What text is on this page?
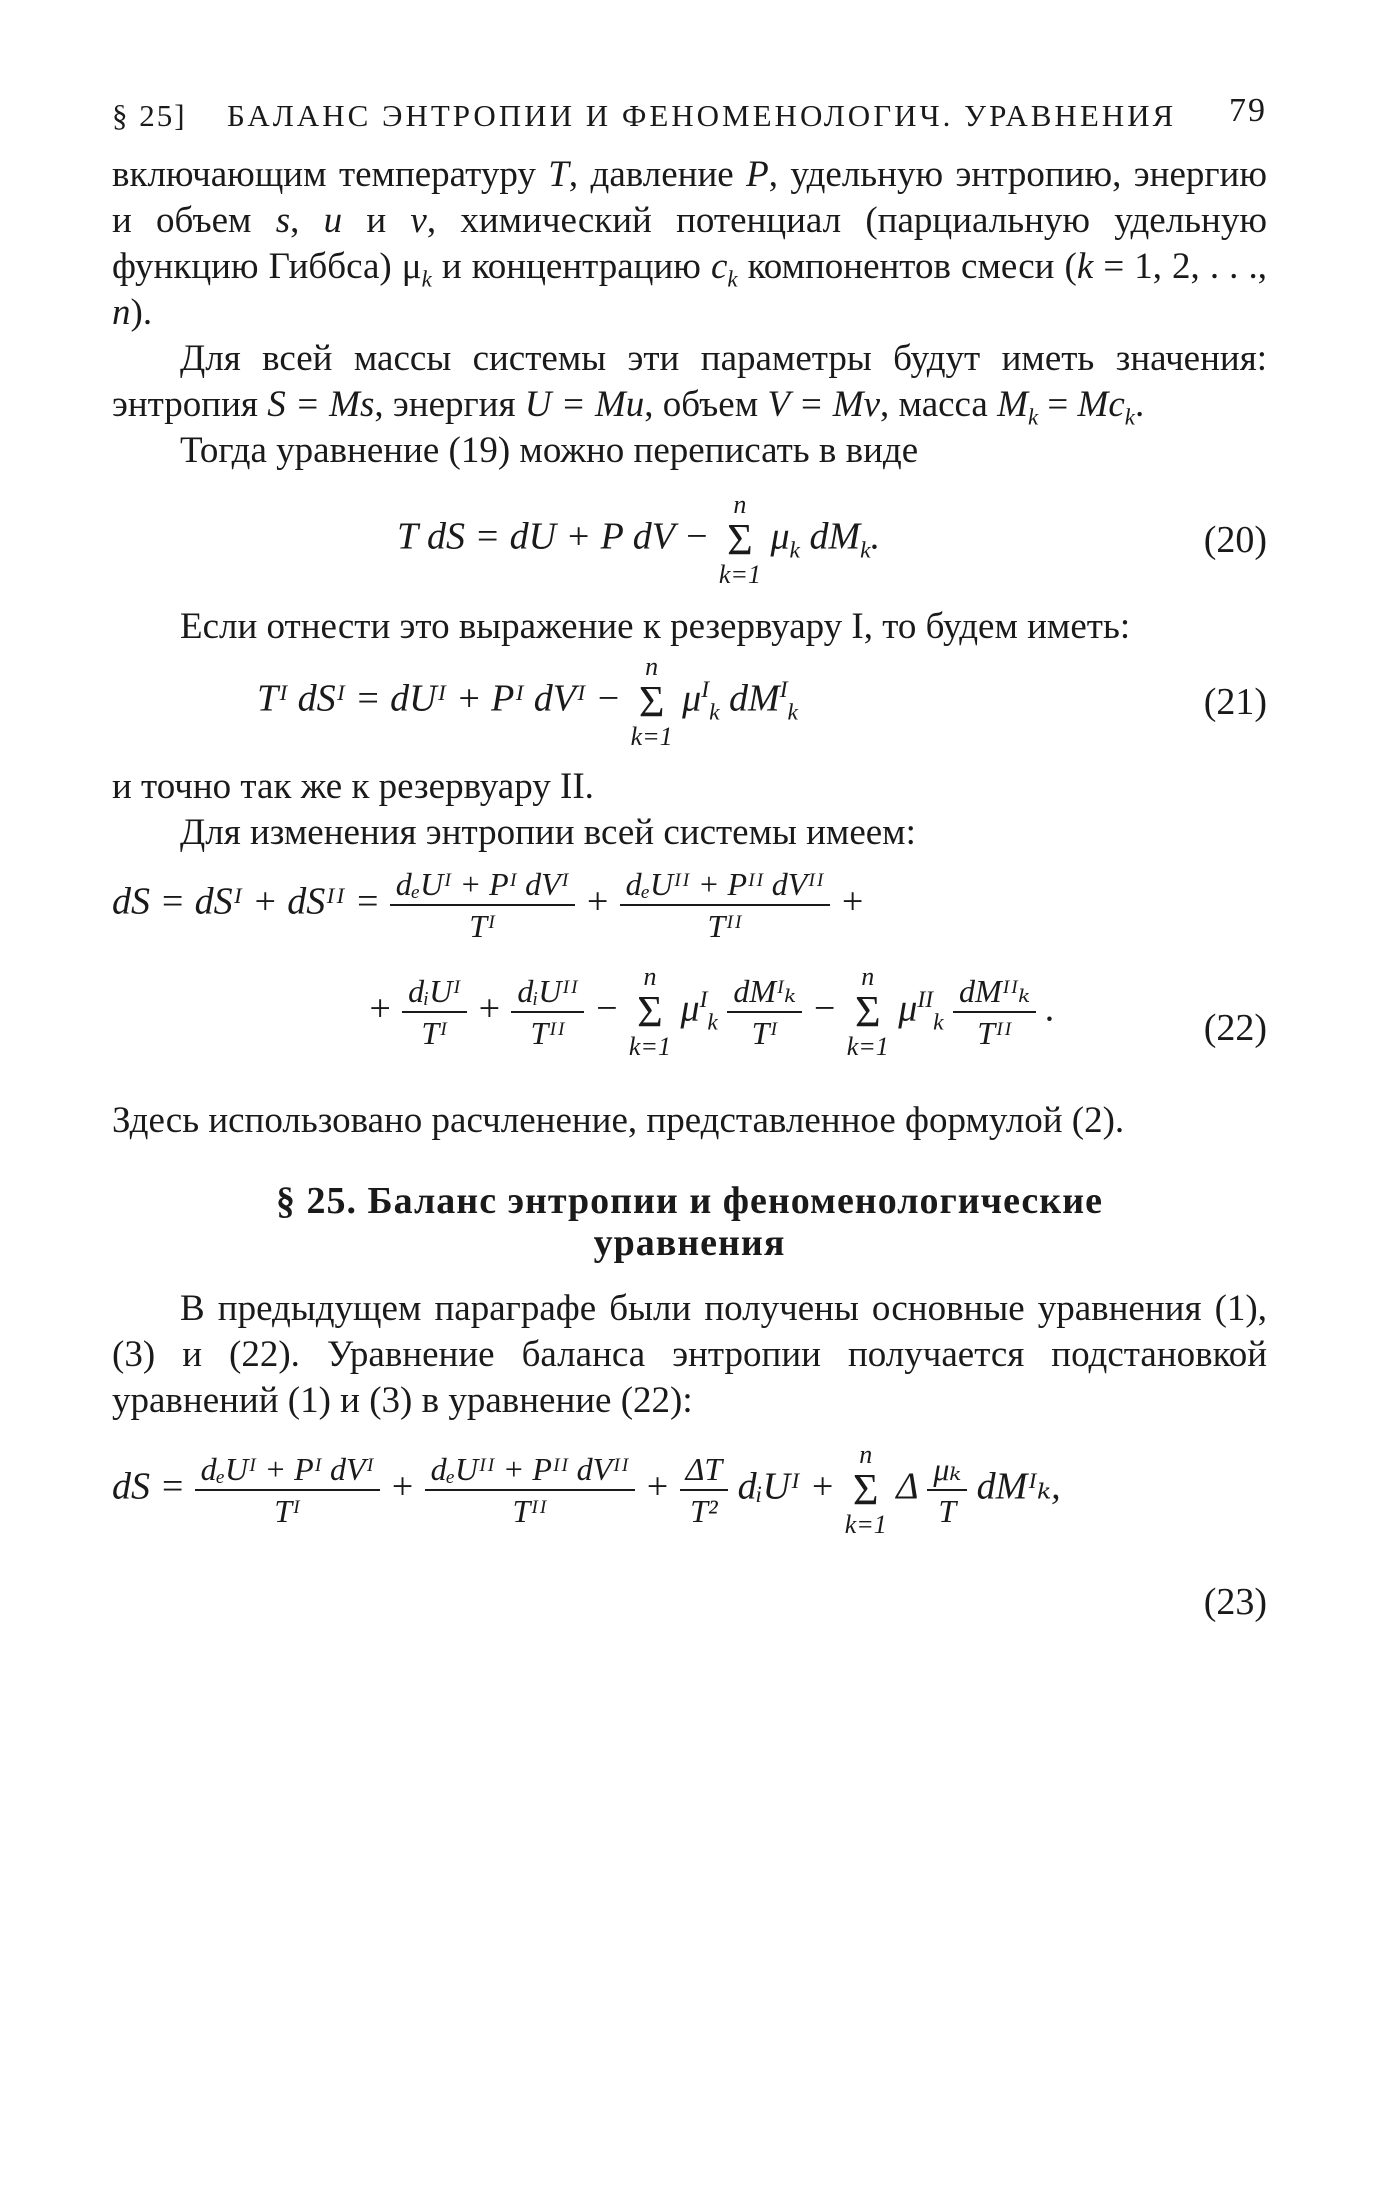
§ 25] БАЛАНС ЭНТРОПИИ И ФЕНОМЕНОЛОГИЧ. УРАВНЕНИЯ 79

включающим температуру T, давление P, удельную энтропию, энергию и объем s, u и v, химический потенциал (парциальную удельную функцию Гиббса) $\mu_k$ и концентрацию $c_k$ компонентов смеси (k = 1, 2, . . ., n).

Для всей массы системы эти параметры будут иметь значения: энтропия S = Ms, энергия U = Mu, объем V = Mv, масса $M_k = Mc_k$.

Тогда уравнение (19) можно переписать в виде

T dS = dU + P dV −
n
Σ
k=1
$\mu_k$ $dM_k$.	(20)

Если отнести это выражение к резервуару I, то будем иметь:

Tᴵ dSᴵ = dUᴵ + Pᴵ dVᴵ −
n
Σ
k=1
$\mu^I_k$ $dM^I_k$	(21)

и точно так же к резервуару II.

Для изменения энтропии всей системы имеем:

dS = dSᴵ + dSᴵᴵ = $\frac{\text{dₑUᴵ + Pᴵ dVᴵ}}{\text{Tᴵ}} + \frac{\text{dₑUᴵᴵ + Pᴵᴵ dVᴵᴵ}}{\text{Tᴵᴵ}}$ +
+ $\frac{\text{dᵢUᴵ}}{\text{Tᴵ}} + \frac{\text{dᵢUᴵᴵ}}{\text{Tᴵᴵ}}$ −
n
Σ
k=1
$\mu^I_k \frac{\text{dMᴵₖ}}{\text{Tᴵ}}$ −
n
Σ
k=1
$\mu^{II}_k \frac{\text{dMᴵᴵₖ}}{\text{Tᴵᴵ}}$ .	(22)

Здесь использовано расчленение, представленное формулой (2).

§ 25. Баланс энтропии и феноменологические
уравнения

В предыдущем параграфе были получены основные уравнения (1), (3) и (22). Уравнение баланса энтропии получается подстановкой уравнений (1) и (3) в уравнение (22):

dS = $\frac{\text{dₑUᴵ + Pᴵ dVᴵ}}{\text{Tᴵ}} + \frac{\text{dₑUᴵᴵ + Pᴵᴵ dVᴵᴵ}}{\text{Tᴵᴵ}} + \frac{\Delta T}{\text{T²}}$ dᵢUᴵ +
n
Σ
k=1
Δ $\frac{\text{μₖ}}{T}$ dMᴵₖ,
(23)
